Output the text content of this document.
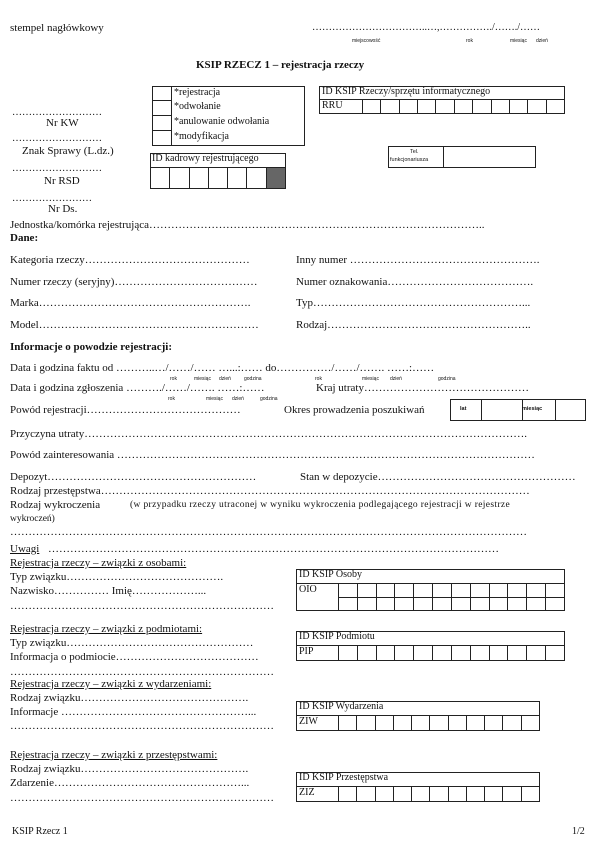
stempel nagłówkowy	……………………………..…,……………./……./……
miejscowość	rok	miesiąc dzień
KSIP RZECZ 1 – rejestracja rzeczy
………………………
Nr KW
………………………
Znak Sprawy (L.dz.)
………………………
Nr RSD
……………………
Nr Ds.
*rejestracja
*odwołanie
*anulowanie odwołania
*modyfikacja
ID KSIP Rzeczy/sprzętu informatycznego
RRU
ID kadrowy rejestrującego
Tel.
funkcjonariusza
Jednostka/komórka rejestrująca………………………………………………………………………………..
Dane:
Kategoria rzeczy………………………………………	Inny numer …………………………………………….
Numer rzeczy (seryjny)…………………………………	Numer oznakowania………………………………….
Marka………………………………………………….	Typ…………………………………………………...
Model……………………………………………………	Rodzaj………………………………………………..
Informacje o powodzie rejestracji:
Data i godzina faktu od ………..…/……/…… …...:…… do……………/……/……. ……:……
rok	miesiąc dzień	godzina	rok	miesiąc dzień	godzina
Data i godzina zgłoszenia ………./……/……. ……:……	Kraj utraty………………………………………
rok	miesiąc dzień	godzina
Powód rejestracji……………………………………	Okres prowadzenia poszukiwań	lat	miesiąc
Przyczyna utraty………………………………………………………………………………………………………….
Powód zainteresowania ……………………………………………………………………………………………………
Depozyt…………………………………………………	Stan w depozycie………………………………………………
Rodzaj przestępstwa………………………………………………………………………………………………………
Rodzaj wykroczenia	(w przypadku rzeczy utraconej w wyniku wykroczenia podlegającego rejestracji w rejestrze
wykroczeń)
……………………………………………………………………………………………………………………………
Uwagi ……………………………………………………………………………………………………………
Rejestracja rzeczy – związki z osobami:
Typ związku…………………………………….
Nazwisko…………… Imię………………...
………………………………………………………………
ID KSIP Osoby
OIO
Rejestracja rzeczy – związki z podmiotami:
Typ związku……………………………………………
Informacja o podmiocie…………………………………
………………………………………………………………
ID KSIP Podmiotu
PIP
Rejestracja rzeczy – związki z wydarzeniami:
Rodzaj związku……………………………………….
Informacje ……………………………………………...
………………………………………………………………
ID KSIP Wydarzenia
ZIW
Rejestracja rzeczy – związki z przestępstwami:
Rodzaj związku……………………………………….
Zdarzenie……………………………………………...
………………………………………………………………
ID KSIP Przestępstwa
ZIZ
KSIP Rzecz 1	1/2
